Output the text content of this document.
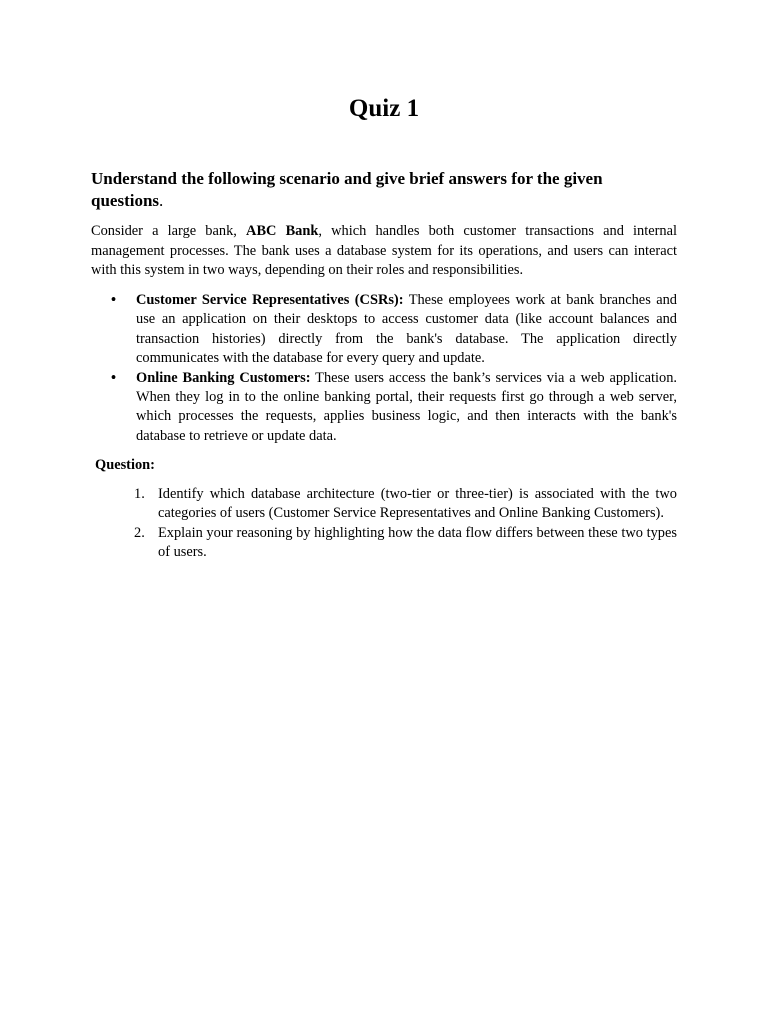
Quiz 1
Understand the following scenario and give brief answers for the given questions.

Consider a large bank, ABC Bank, which handles both customer transactions and internal management processes. The bank uses a database system for its operations, and users can interact with this system in two ways, depending on their roles and responsibilities.

• Customer Service Representatives (CSRs): These employees work at bank branches and use an application on their desktops to access customer data (like account balances and transaction histories) directly from the bank's database. The application directly communicates with the database for every query and update.
• Online Banking Customers: These users access the bank’s services via a web application. When they log in to the online banking portal, their requests first go through a web server, which processes the requests, applies business logic, and then interacts with the bank's database to retrieve or update data.
Question:
1. Identify which database architecture (two-tier or three-tier) is associated with the two categories of users (Customer Service Representatives and Online Banking Customers).
2. Explain your reasoning by highlighting how the data flow differs between these two types of users.
